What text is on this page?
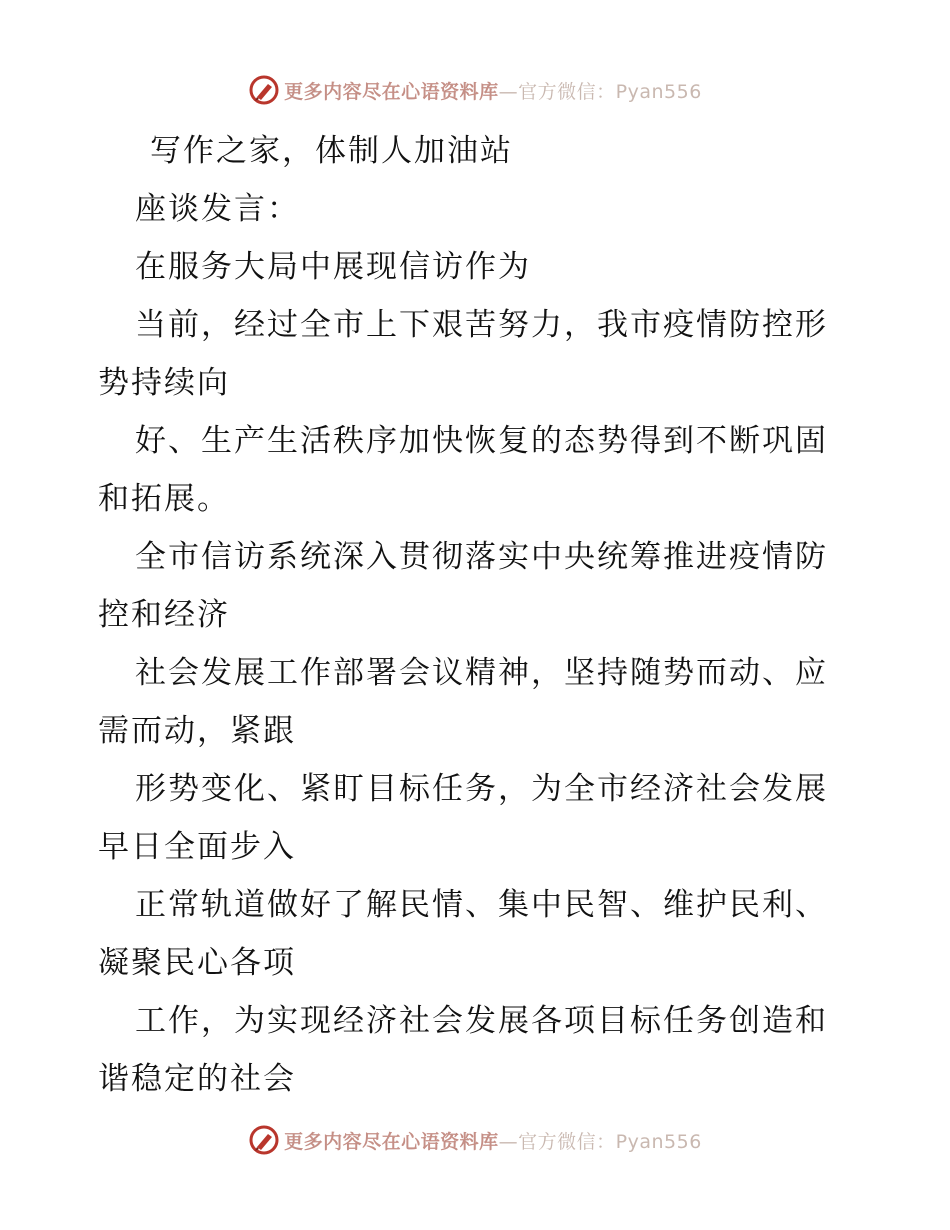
更多内容尽在心语资料库—官方微信：Pyan556
写作之家，体制人加油站
座谈发言：
在服务大局中展现信访作为
当前，经过全市上下艰苦努力，我市疫情防控形
势持续向
好、生产生活秩序加快恢复的态势得到不断巩固
和拓展。
全市信访系统深入贯彻落实中央统筹推进疫情防
控和经济
社会发展工作部署会议精神，坚持随势而动、应
需而动，紧跟
形势变化、紧盯目标任务，为全市经济社会发展
早日全面步入
正常轨道做好了解民情、集中民智、维护民利、
凝聚民心各项
工作，为实现经济社会发展各项目标任务创造和
谐稳定的社会
更多内容尽在心语资料库—官方微信：Pyan556
